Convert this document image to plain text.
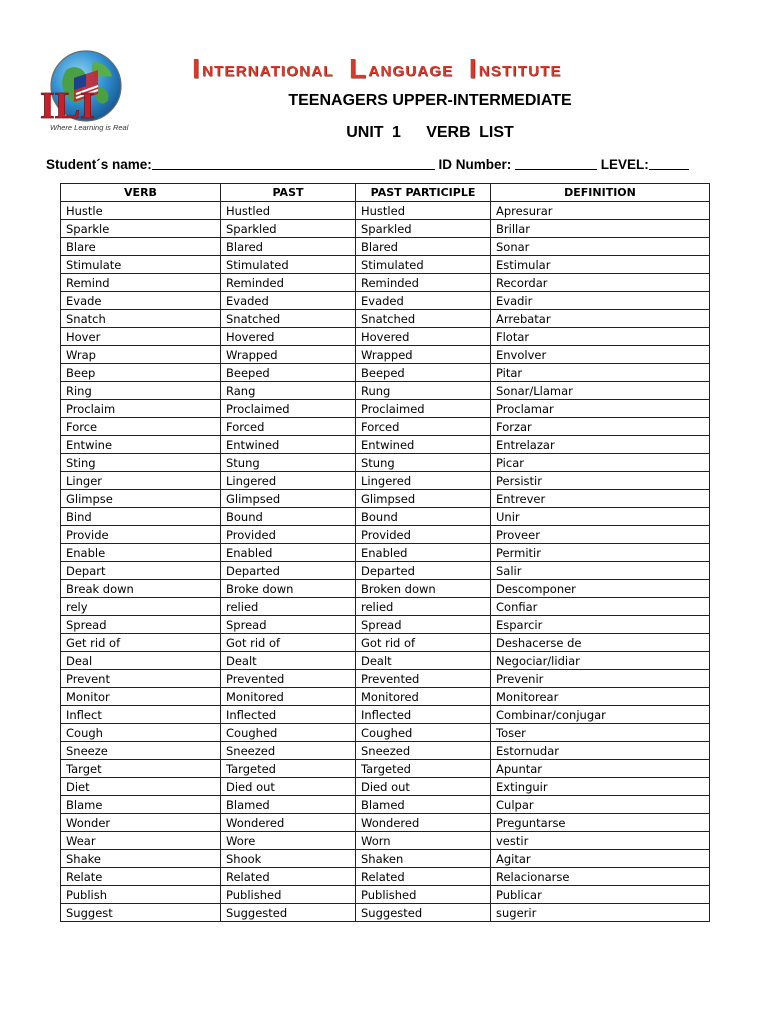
ILI
Where Learning is Real
INTERNATIONAL LANGUAGE INSTITUTE
TEENAGERS UPPER-INTERMEDIATE
UNIT 1   VERB LIST
Student´s name:	ID Number:	LEVEL:
VERB	PAST	PAST PARTICIPLE	DEFINITION
Hustle	Hustled	Hustled	Apresurar
Sparkle	Sparkled	Sparkled	Brillar
Blare	Blared	Blared	Sonar
Stimulate	Stimulated	Stimulated	Estimular
Remind	Reminded	Reminded	Recordar
Evade	Evaded	Evaded	Evadir
Snatch	Snatched	Snatched	Arrebatar
Hover	Hovered	Hovered	Flotar
Wrap	Wrapped	Wrapped	Envolver
Beep	Beeped	Beeped	Pitar
Ring	Rang	Rung	Sonar/Llamar
Proclaim	Proclaimed	Proclaimed	Proclamar
Force	Forced	Forced	Forzar
Entwine	Entwined	Entwined	Entrelazar
Sting	Stung	Stung	Picar
Linger	Lingered	Lingered	Persistir
Glimpse	Glimpsed	Glimpsed	Entrever
Bind	Bound	Bound	Unir
Provide	Provided	Provided	Proveer
Enable	Enabled	Enabled	Permitir
Depart	Departed	Departed	Salir
Break down	Broke down	Broken down	Descomponer
rely	relied	relied	Confiar
Spread	Spread	Spread	Esparcir
Get rid of	Got rid of	Got rid of	Deshacerse de
Deal	Dealt	Dealt	Negociar/lidiar
Prevent	Prevented	Prevented	Prevenir
Monitor	Monitored	Monitored	Monitorear
Inflect	Inflected	Inflected	Combinar/conjugar
Cough	Coughed	Coughed	Toser
Sneeze	Sneezed	Sneezed	Estornudar
Target	Targeted	Targeted	Apuntar
Diet	Died out	Died out	Extinguir
Blame	Blamed	Blamed	Culpar
Wonder	Wondered	Wondered	Preguntarse
Wear	Wore	Worn	vestir
Shake	Shook	Shaken	Agitar
Relate	Related	Related	Relacionarse
Publish	Published	Published	Publicar
Suggest	Suggested	Suggested	sugerir
